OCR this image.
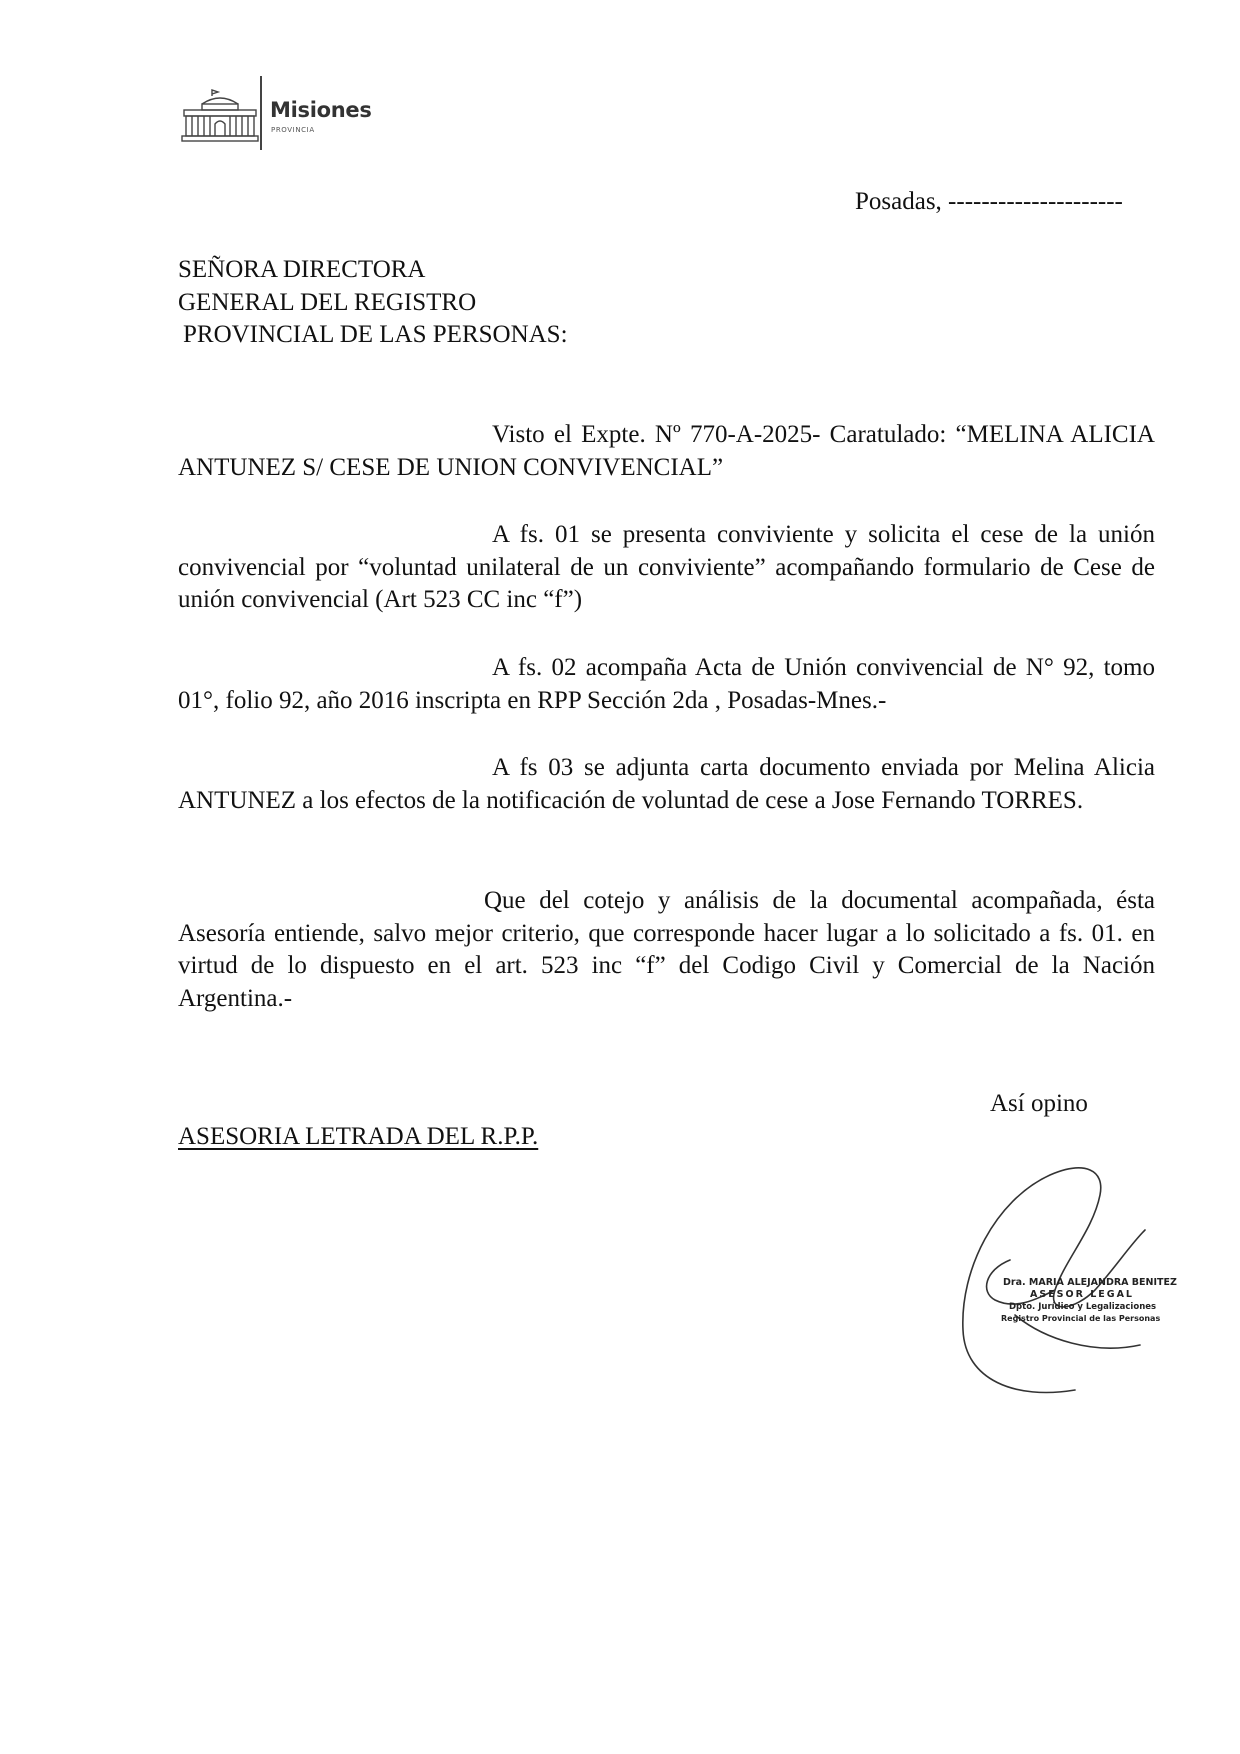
Misiones
PROVINCIA
Posadas, ---------------------
SEÑORA DIRECTORA
GENERAL DEL REGISTRO
PROVINCIAL DE LAS PERSONAS:

Visto el Expte. Nº 770-A-2025- Caratulado: “MELINA ALICIA ANTUNEZ S/ CESE DE UNION CONVIVENCIAL”

A fs. 01 se presenta conviviente y solicita el cese de la unión convivencial por “voluntad unilateral de un conviviente” acompañando formulario de Cese de unión convivencial (Art 523 CC inc “f”)

A fs. 02 acompaña Acta de Unión convivencial de N° 92, tomo 01°, folio 92, año 2016 inscripta en RPP Sección 2da , Posadas-Mnes.-

A fs 03 se adjunta carta documento enviada por Melina Alicia ANTUNEZ a los efectos de la notificación de voluntad de cese a Jose Fernando TORRES.

Que del cotejo y análisis de la documental acompañada, ésta Asesoría entiende, salvo mejor criterio, que corresponde hacer lugar a lo solicitado a fs. 01. en virtud de lo dispuesto en el art. 523 inc “f” del Codigo Civil y Comercial de la Nación Argentina.-

Así opino
ASESORIA LETRADA DEL R.P.P.
Dra. MARIA ALEJANDRA BENITEZ
ASESOR LEGAL
Dpto. Jurídico y Legalizaciones
Registro Provincial de las Personas
